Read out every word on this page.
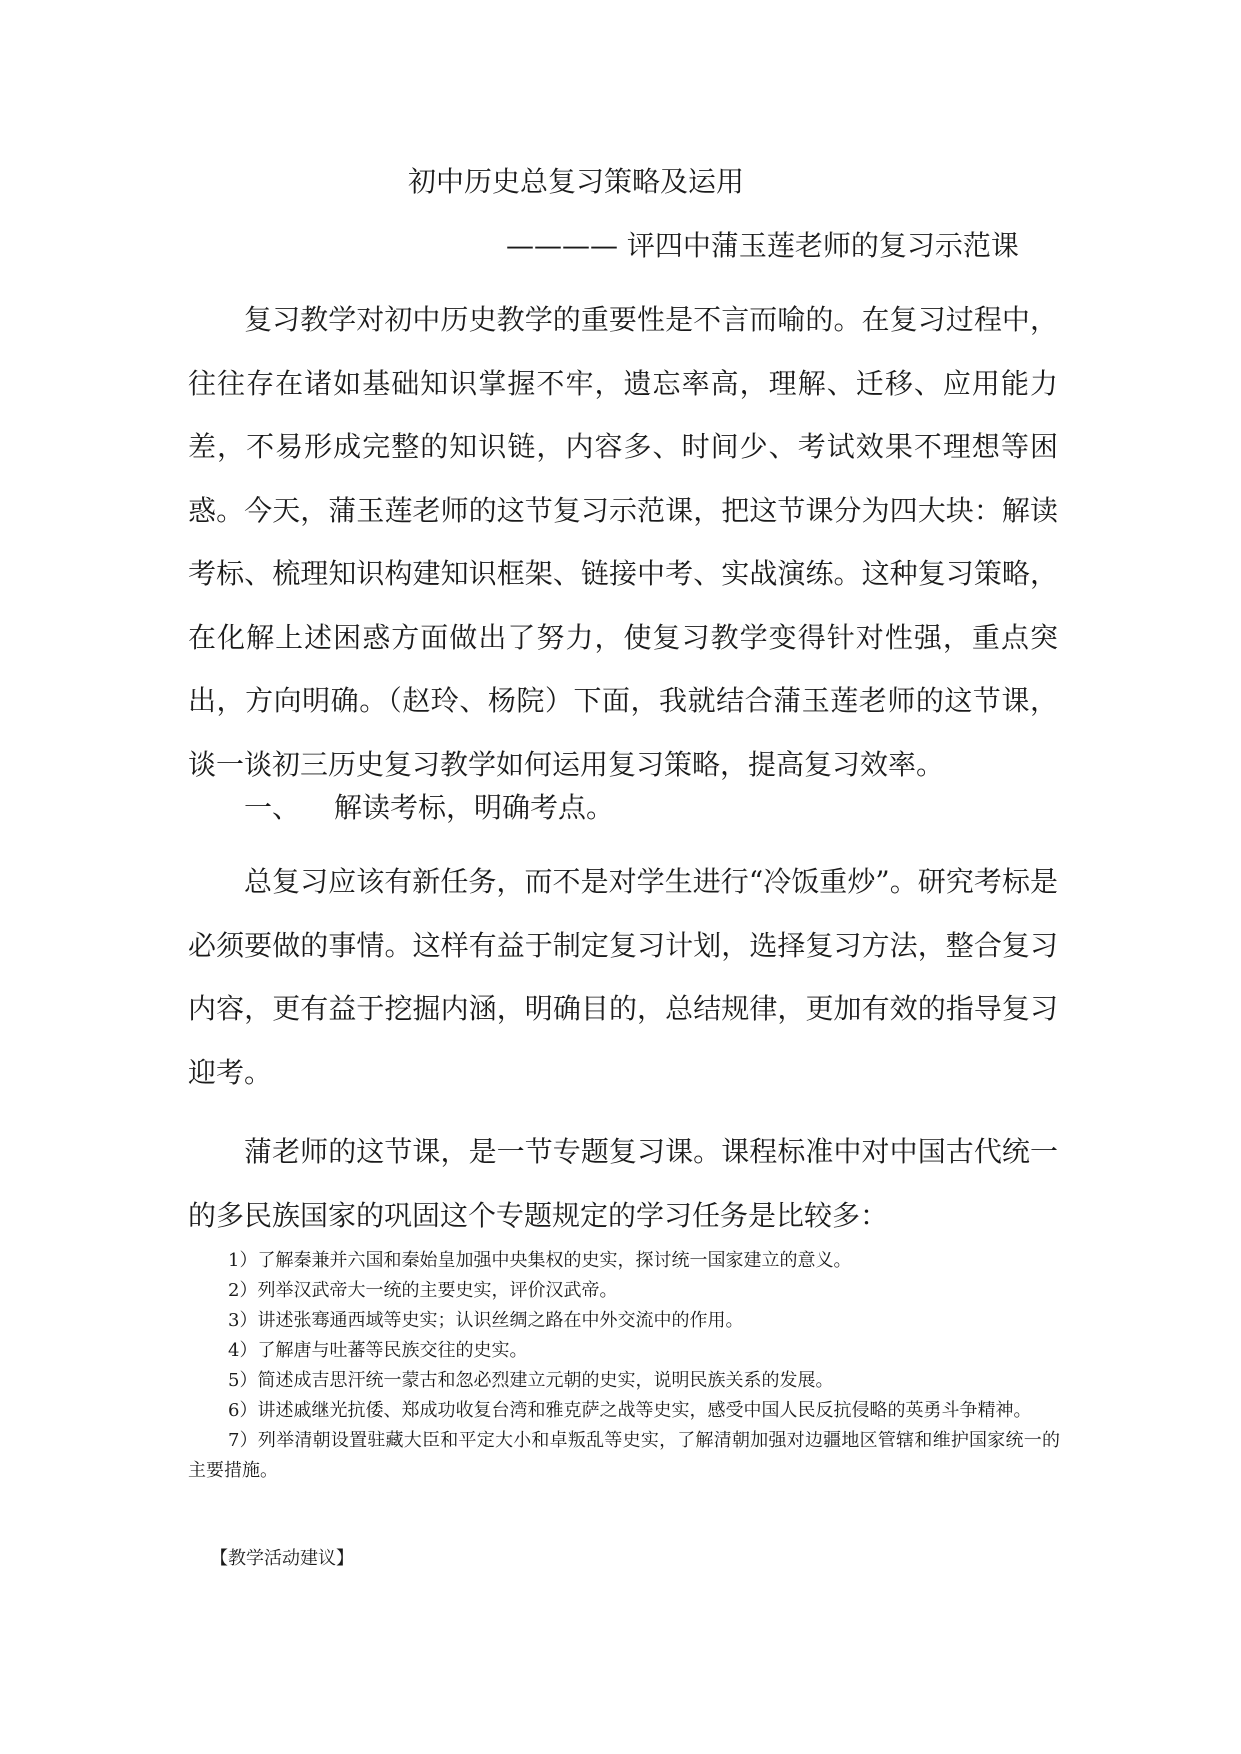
初中历史总复习策略及运用

———— 评四中蒲玉莲老师的复习示范课

复习教学对初中历史教学的重要性是不言而喻的。在复习过程中，往往存在诸如基础知识掌握不牢，遗忘率高，理解、迁移、应用能力差，不易形成完整的知识链，内容多、时间少、考试效果不理想等困惑。今天，蒲玉莲老师的这节复习示范课，把这节课分为四大块：解读考标、梳理知识构建知识框架、链接中考、实战演练。这种复习策略，在化解上述困惑方面做出了努力，使复习教学变得针对性强，重点突出，方向明确。（赵玲、杨院）下面，我就结合蒲玉莲老师的这节课，谈一谈初三历史复习教学如何运用复习策略，提高复习效率。

一、 解读考标，明确考点。

总复习应该有新任务，而不是对学生进行“冷饭重炒”。研究考标是必须要做的事情。这样有益于制定复习计划，选择复习方法，整合复习内容，更有益于挖掘内涵，明确目的，总结规律，更加有效的指导复习迎考。

蒲老师的这节课，是一节专题复习课。课程标准中对中国古代统一的多民族国家的巩固这个专题规定的学习任务是比较多：

1）了解秦兼并六国和秦始皇加强中央集权的史实，探讨统一国家建立的意义。
2）列举汉武帝大一统的主要史实，评价汉武帝。
3）讲述张骞通西域等史实；认识丝绸之路在中外交流中的作用。
4）了解唐与吐蕃等民族交往的史实。
5）简述成吉思汗统一蒙古和忽必烈建立元朝的史实，说明民族关系的发展。
6）讲述戚继光抗倭、郑成功收复台湾和雅克萨之战等史实，感受中国人民反抗侵略的英勇斗争精神。
7）列举清朝设置驻藏大臣和平定大小和卓叛乱等史实，了解清朝加强对边疆地区管辖和维护国家统一的主要措施。

【教学活动建议】
